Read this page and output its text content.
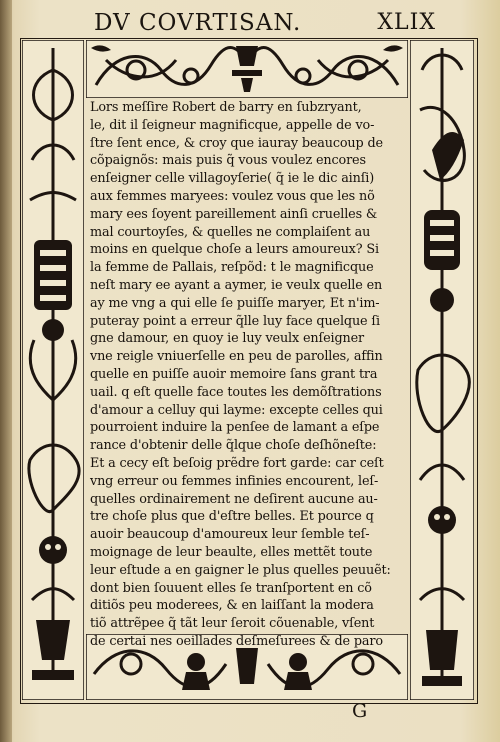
DV COVRTISAN.	XLIX
Lors meſſire Robert de barry en ſubzryant,
le, dit il ſeigneur magnificque, appelle de vo-
ſtre ſent ence, & croy que iauray beaucoup de
cõpaignõs: mais puis q̃ vous voulez encores
enſeigner celle villagoyſerie( q̃ ie le dic ainſi)
aux femmes maryees: voulez vous que les nõ
mary ees ſoyent pareillement ainſi cruelles &
mal courtoyſes, & quelles ne complaiſent au
moins en quelque choſe a leurs amoureux? Si
la femme de Pallais, reſpõd: t le magnificque
neſt mary ee ayant a aymer, ie veulx quelle en
ay me vng a qui elle ſe puiſſe maryer, Et n'im-
puteray point a erreur q̃lle luy face quelque ſi
gne damour, en quoy ie luy veulx enſeigner
vne reigle vniuerſelle en peu de parolles, affin
quelle en puiſſe auoir memoire ſans grant tra
uail. q eſt quelle face toutes les demõſtrations
d'amour a celluy qui layme: excepte celles qui
pourroient induire la penſee de lamant a eſpe
rance d'obtenir delle q̃lque choſe deſhõneſte:
Et a cecy eſt beſoig prẽdre fort garde: car ceſt
vng erreur ou femmes infinies encourent, leſ-
quelles ordinairement ne deſirent aucune au-
tre choſe plus que d'eſtre belles. Et pource q
auoir beaucoup d'amoureux leur ſemble teſ-
moignage de leur beaulte, elles mettẽt toute
leur eſtude a en gaigner le plus quelles peuuẽt:
dont bien ſouuent elles ſe tranſportent en cõ
ditiõs peu moderees, & en laiſſant la modera
tiõ attrẽpee q̃ tãt leur ſeroit cõuenable, vſent
de certai nes oeillades deſmeſurees & de paro
G
